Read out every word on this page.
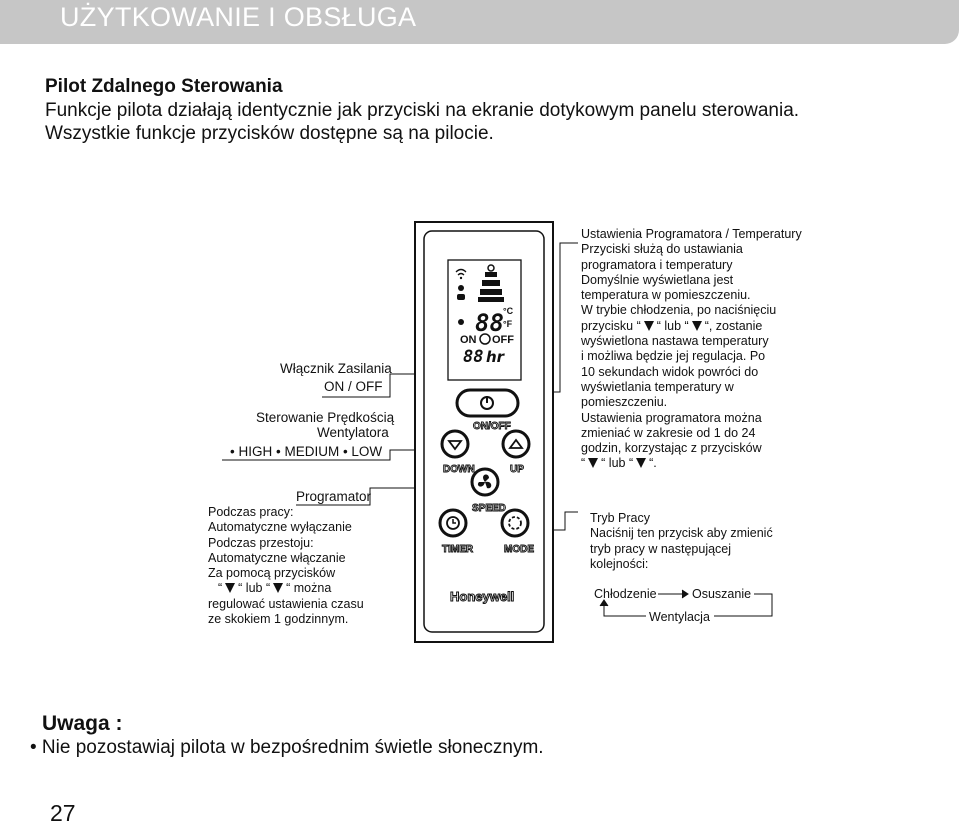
UŻYTKOWANIE I OBSŁUGA
Pilot Zdalnego Sterowania
Funkcje pilota działają identycznie jak przyciski na ekranie dotykowym panelu sterowania.
Wszystkie funkcje przycisków dostępne są na pilocie.
88 °C
°F
ON OFF
88 hr
ON/OFF
DOWN	UP
SPEED
TIMER	MODE
Honeywell
Włącznik Zasilania
ON / OFF
Sterowanie Prędkością
Wentylatora
• HIGH • MEDIUM • LOW
Programator
Podczas pracy:
Automatyczne wyłączanie
Podczas przestoju:
Automatyczne włączanie
Za pomocą przycisków
“ “ lub “ “ można
regulować ustawienia czasu
ze skokiem 1 godzinnym.
Ustawienia Programatora / Temperatury
Przyciski służą do ustawiania
programatora i temperatury
Domyślnie wyświetlana jest
temperatura w pomieszczeniu.
W trybie chłodzenia, po naciśnięciu
przycisku “ “ lub “ “, zostanie
wyświetlona nastawa temperatury
i możliwa będzie jej regulacja. Po
10 sekundach widok powróci do
wyświetlania temperatury w
pomieszczeniu.
Ustawienia programatora można
zmieniać w zakresie od 1 do 24
godzin, korzystając z przycisków
“ “ lub “ “.
Tryb Pracy
Naciśnij ten przycisk aby zmienić
tryb pracy w następującej
kolejności:
Chłodzenie	Osuszanie
Wentylacja
Uwaga :
• Nie pozostawiaj pilota w bezpośrednim świetle słonecznym.
27
